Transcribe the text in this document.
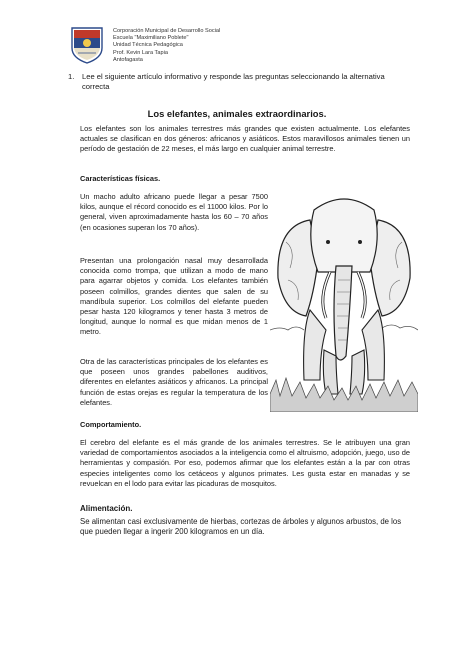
Corporación Municipal de Desarrollo Social
Escuela "Maximiliano Poblete"
Unidad Técnica Pedagógica
Prof. Kevin Lara Tapia
Antofagasta
1. Lee el siguiente artículo informativo y responde las preguntas seleccionando la alternativa correcta
Los elefantes, animales extraordinarios.
Los elefantes son los animales terrestres más grandes que existen actualmente. Los elefantes actuales se clasifican en dos géneros: africanos y asiáticos. Estos maravillosos animales tienen un período de gestación de 22 meses, el más largo en cualquier animal terrestre.
Características físicas.
Un macho adulto africano puede llegar a pesar 7500 kilos, aunque el récord conocido es el 11000 kilos. Por lo general, viven aproximadamente hasta los 60 – 70 años (en ocasiones superan los 70 años).
Presentan una prolongación nasal muy desarrollada conocida como trompa, que utilizan a modo de mano para agarrar objetos y comida. Los elefantes también poseen colmillos, grandes dientes que salen de su mandíbula superior. Los colmillos del elefante pueden pesar hasta 120 kilogramos y tener hasta 3 metros de longitud, aunque lo normal es que midan menos de 1 metro.
Otra de las características principales de los elefantes es que poseen unos grandes pabellones auditivos, diferentes en elefantes asiáticos y africanos. La principal función de estas orejas es regular la temperatura de los elefantes.
Comportamiento.
El cerebro del elefante es el más grande de los animales terrestres. Se le atribuyen una gran variedad de comportamientos asociados a la inteligencia como el altruismo, adopción, juego, uso de herramientas y compasión. Por eso, podemos afirmar que los elefantes están a la par con otras especies inteligentes como los cetáceos y algunos primates. Les gusta estar en manadas y se revuelcan en el lodo para evitar las picaduras de mosquitos.
Alimentación.
Se alimentan casi exclusivamente de hierbas, cortezas de árboles y algunos arbustos, de los que pueden llegar a ingerir 200 kilogramos en un día.
